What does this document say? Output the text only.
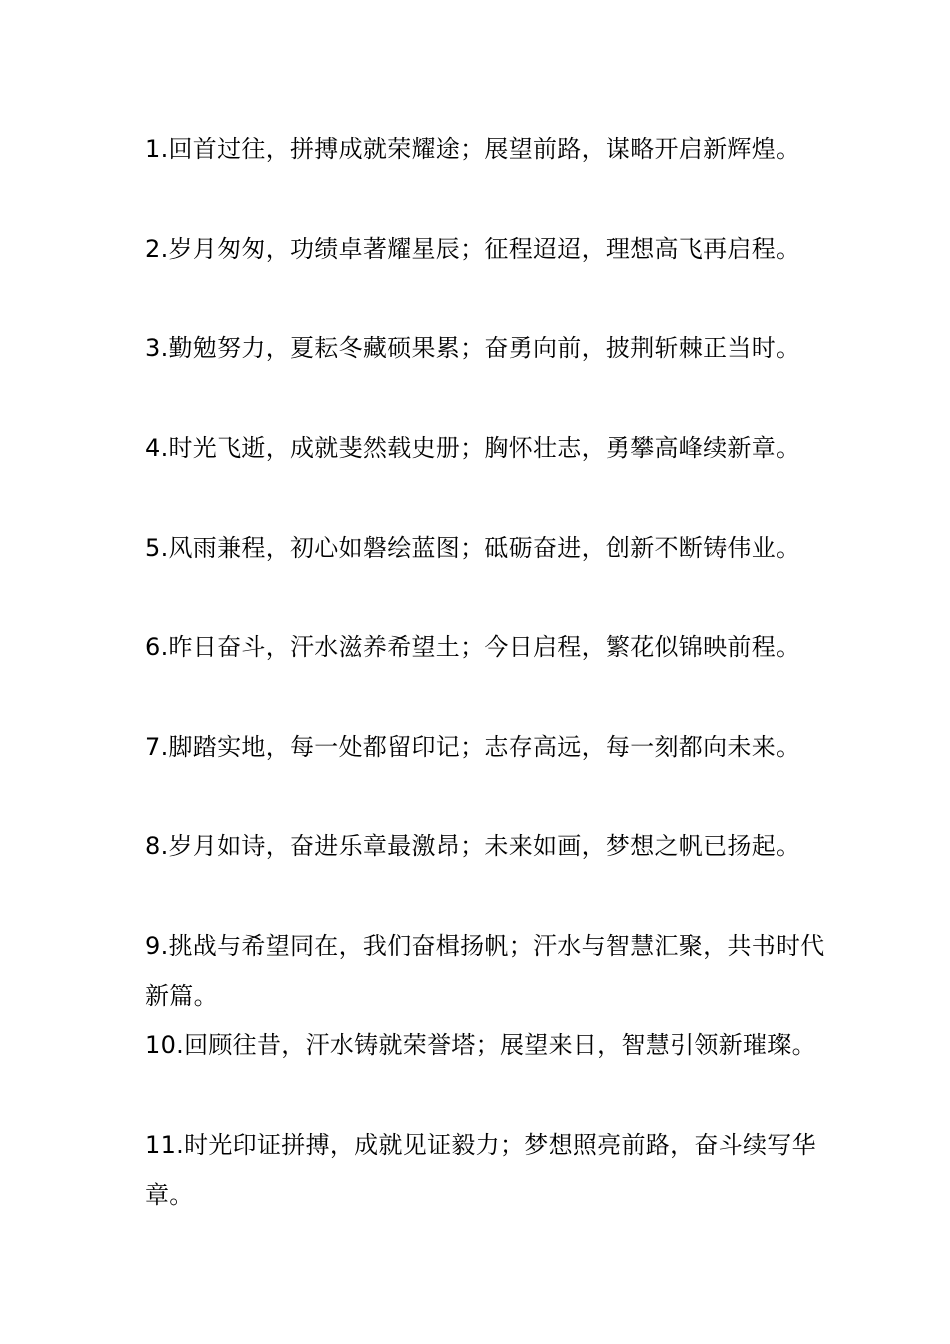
1.回首过往，拼搏成就荣耀途；展望前路，谋略开启新辉煌。
2.岁月匆匆，功绩卓著耀星辰；征程迢迢，理想高飞再启程。
3.勤勉努力，夏耘冬藏硕果累；奋勇向前，披荆斩棘正当时。
4.时光飞逝，成就斐然载史册；胸怀壮志，勇攀高峰续新章。
5.风雨兼程，初心如磐绘蓝图；砥砺奋进，创新不断铸伟业。
6.昨日奋斗，汗水滋养希望土；今日启程，繁花似锦映前程。
7.脚踏实地，每一处都留印记；志存高远，每一刻都向未来。
8.岁月如诗，奋进乐章最激昂；未来如画，梦想之帆已扬起。
9.挑战与希望同在，我们奋楫扬帆；汗水与智慧汇聚，共书时代新篇。
10.回顾往昔，汗水铸就荣誉塔；展望来日，智慧引领新璀璨。
11.时光印证拼搏，成就见证毅力；梦想照亮前路，奋斗续写华章。
